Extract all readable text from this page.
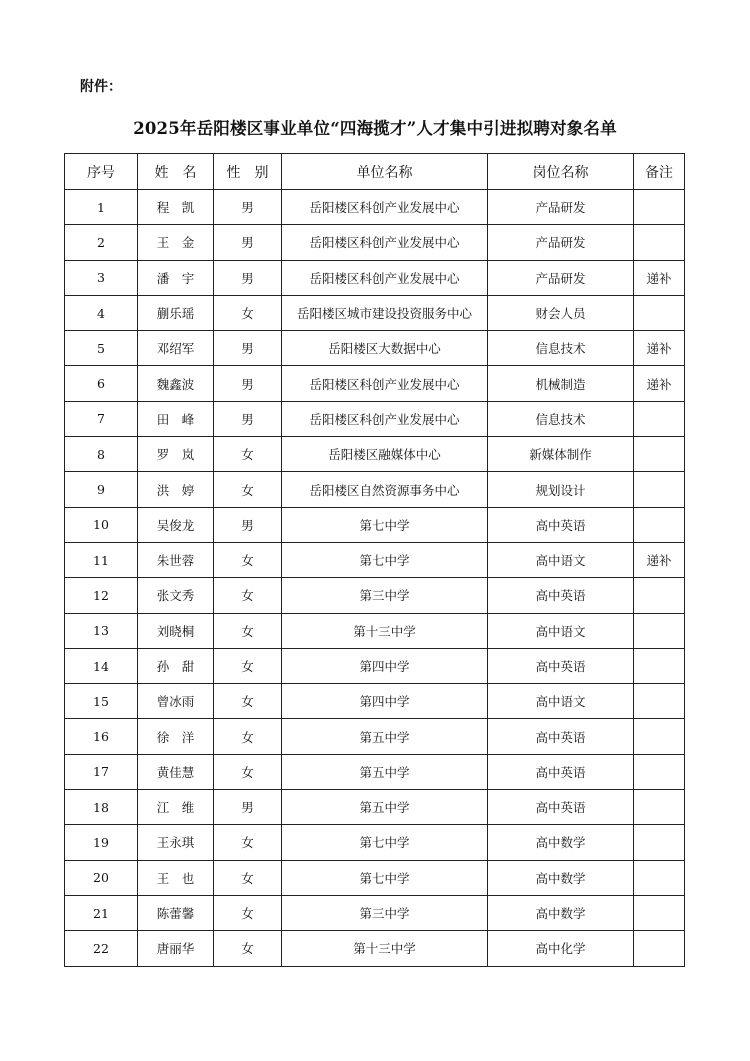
附件：
2025年岳阳楼区事业单位“四海揽才”人才集中引进拟聘对象名单
序号	姓　名	性　别	单位名称	岗位名称	备注
1	程　凯	男	岳阳楼区科创产业发展中心	产品研发	
2	王　金	男	岳阳楼区科创产业发展中心	产品研发	
3	潘　宇	男	岳阳楼区科创产业发展中心	产品研发	递补
4	蒯乐瑶	女	岳阳楼区城市建设投资服务中心	财会人员	
5	邓绍军	男	岳阳楼区大数据中心	信息技术	递补
6	魏鑫波	男	岳阳楼区科创产业发展中心	机械制造	递补
7	田　峰	男	岳阳楼区科创产业发展中心	信息技术	
8	罗　岚	女	岳阳楼区融媒体中心	新媒体制作	
9	洪　婷	女	岳阳楼区自然资源事务中心	规划设计	
10	吴俊龙	男	第七中学	高中英语	
11	朱世蓉	女	第七中学	高中语文	递补
12	张文秀	女	第三中学	高中英语	
13	刘晓桐	女	第十三中学	高中语文	
14	孙　甜	女	第四中学	高中英语	
15	曾冰雨	女	第四中学	高中语文	
16	徐　洋	女	第五中学	高中英语	
17	黄佳慧	女	第五中学	高中英语	
18	江　维	男	第五中学	高中英语	
19	王永琪	女	第七中学	高中数学	
20	王　也	女	第七中学	高中数学	
21	陈蕾馨	女	第三中学	高中数学	
22	唐丽华	女	第十三中学	高中化学	
